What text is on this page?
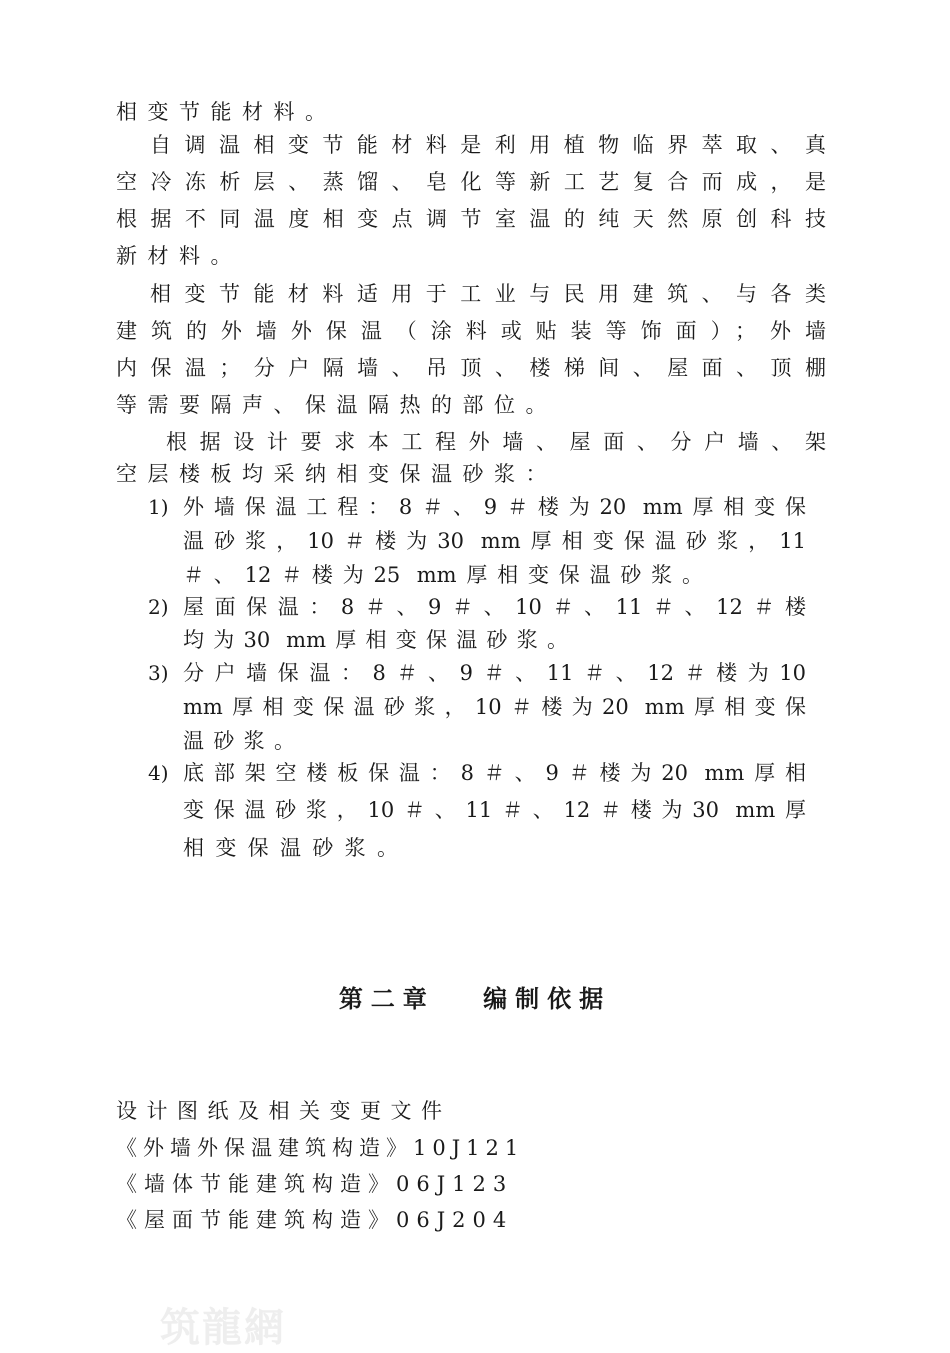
相变节能材料。
自调温相变节能材料是利用植物临界萃取、真
空冷冻析层、蒸馏、皂化等新工艺复合而成，是
根据不同温度相变点调节室温的纯天然原创科技
新材料。
相变节能材料适用于工业与民用建筑、与各类
建筑的外墙外保温（涂料或贴装等饰面）；外墙
内保温；分户隔墙、吊顶、楼梯间、屋面、顶棚
等需要隔声、保温隔热的部位。
根据设计要求本工程外墙、屋面、分户墙、架
空层楼板均采纳相变保温砂浆：
1) 外墙保温工程：8＃、9＃楼为20 mm厚相变保
温砂浆，10＃楼为30 mm厚相变保温砂浆，11
＃、12＃楼为25 mm厚相变保温砂浆。
2) 屋面保温：8＃、9＃、10＃、11＃、12＃楼
均为30 mm厚相变保温砂浆。
3) 分户墙保温：8＃、9＃、11＃、12＃楼为10
mm厚相变保温砂浆，10＃楼为20 mm厚相变保
温砂浆。
4) 底部架空楼板保温：8＃、9＃楼为20 mm厚相
变保温砂浆，10＃、11＃、12＃楼为30 mm厚
相变保温砂浆。
第二章　 编制依据
设计图纸及相关变更文件
《外墙外保温建筑构造》10J121
《墙体节能建筑构造》06J123
《屋面节能建筑构造》06J204
筑龍網
